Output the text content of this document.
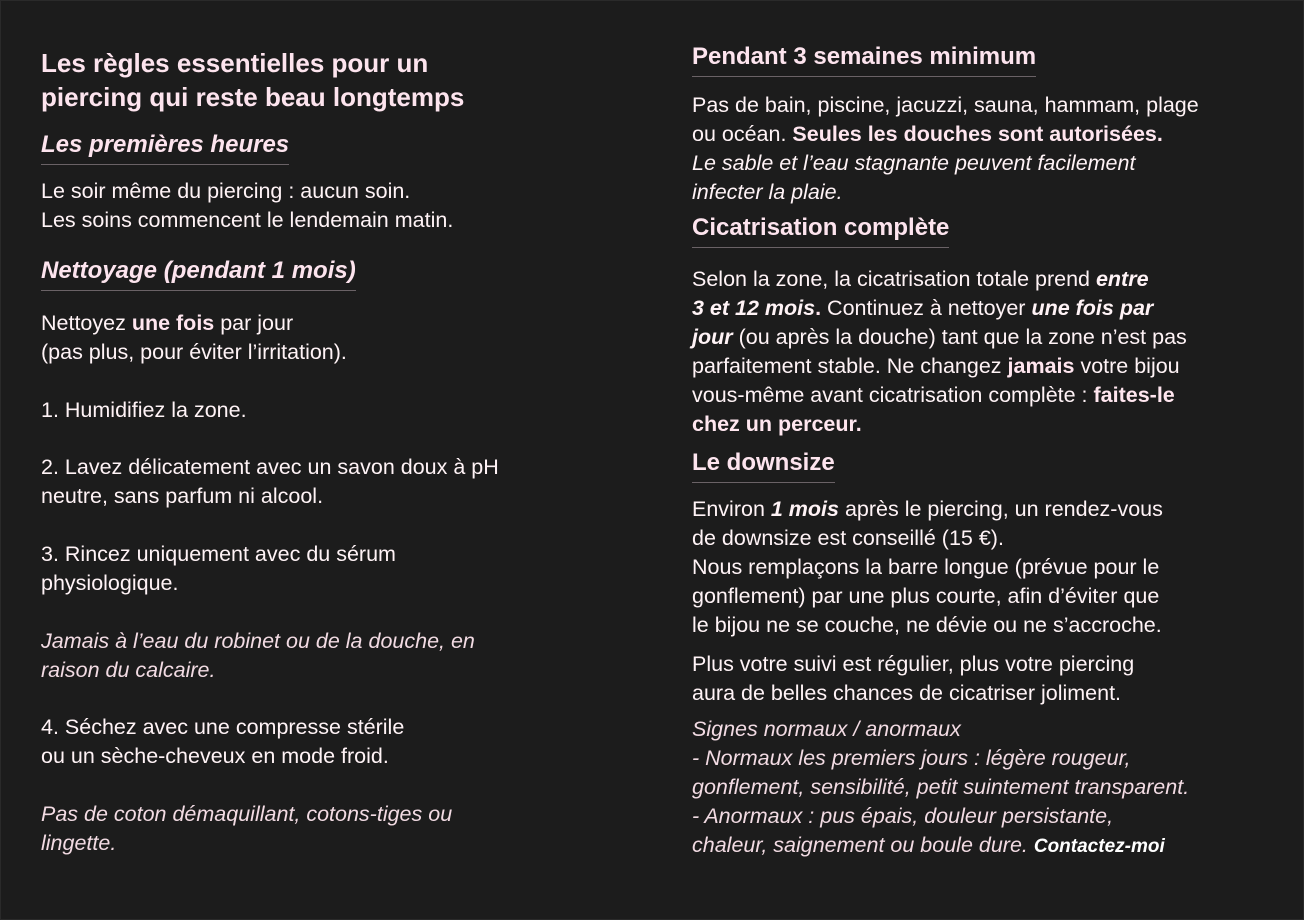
Les règles essentielles pour un
piercing qui reste beau longtemps
Les premières heures
Le soir même du piercing : aucun soin.
Les soins commencent le lendemain matin.
Nettoyage (pendant 1 mois)
Nettoyez une fois par jour
(pas plus, pour éviter l’irritation).
1. Humidifiez la zone.
2. Lavez délicatement avec un savon doux à pH
neutre, sans parfum ni alcool.
3. Rincez uniquement avec du sérum
physiologique.
Jamais à l’eau du robinet ou de la douche, en
raison du calcaire.
4. Séchez avec une compresse stérile
ou un sèche-cheveux en mode froid.
Pas de coton démaquillant, cotons-tiges ou
lingette.
Pendant 3 semaines minimum
Pas de bain, piscine, jacuzzi, sauna, hammam, plage
ou océan. Seules les douches sont autorisées.
Le sable et l’eau stagnante peuvent facilement
infecter la plaie.
Cicatrisation complète
Selon la zone, la cicatrisation totale prend entre
3 et 12 mois. Continuez à nettoyer une fois par
jour (ou après la douche) tant que la zone n’est pas
parfaitement stable. Ne changez jamais votre bijou
vous-même avant cicatrisation complète : faites-le
chez un perceur.
Le downsize
Environ 1 mois après le piercing, un rendez-vous
de downsize est conseillé (15 €).
Nous remplaçons la barre longue (prévue pour le
gonflement) par une plus courte, afin d’éviter que
le bijou ne se couche, ne dévie ou ne s’accroche.
Plus votre suivi est régulier, plus votre piercing
aura de belles chances de cicatriser joliment.
Signes normaux / anormaux
- Normaux les premiers jours : légère rougeur,
gonflement, sensibilité, petit suintement transparent.
- Anormaux : pus épais, douleur persistante,
chaleur, saignement ou boule dure. Contactez-moi
